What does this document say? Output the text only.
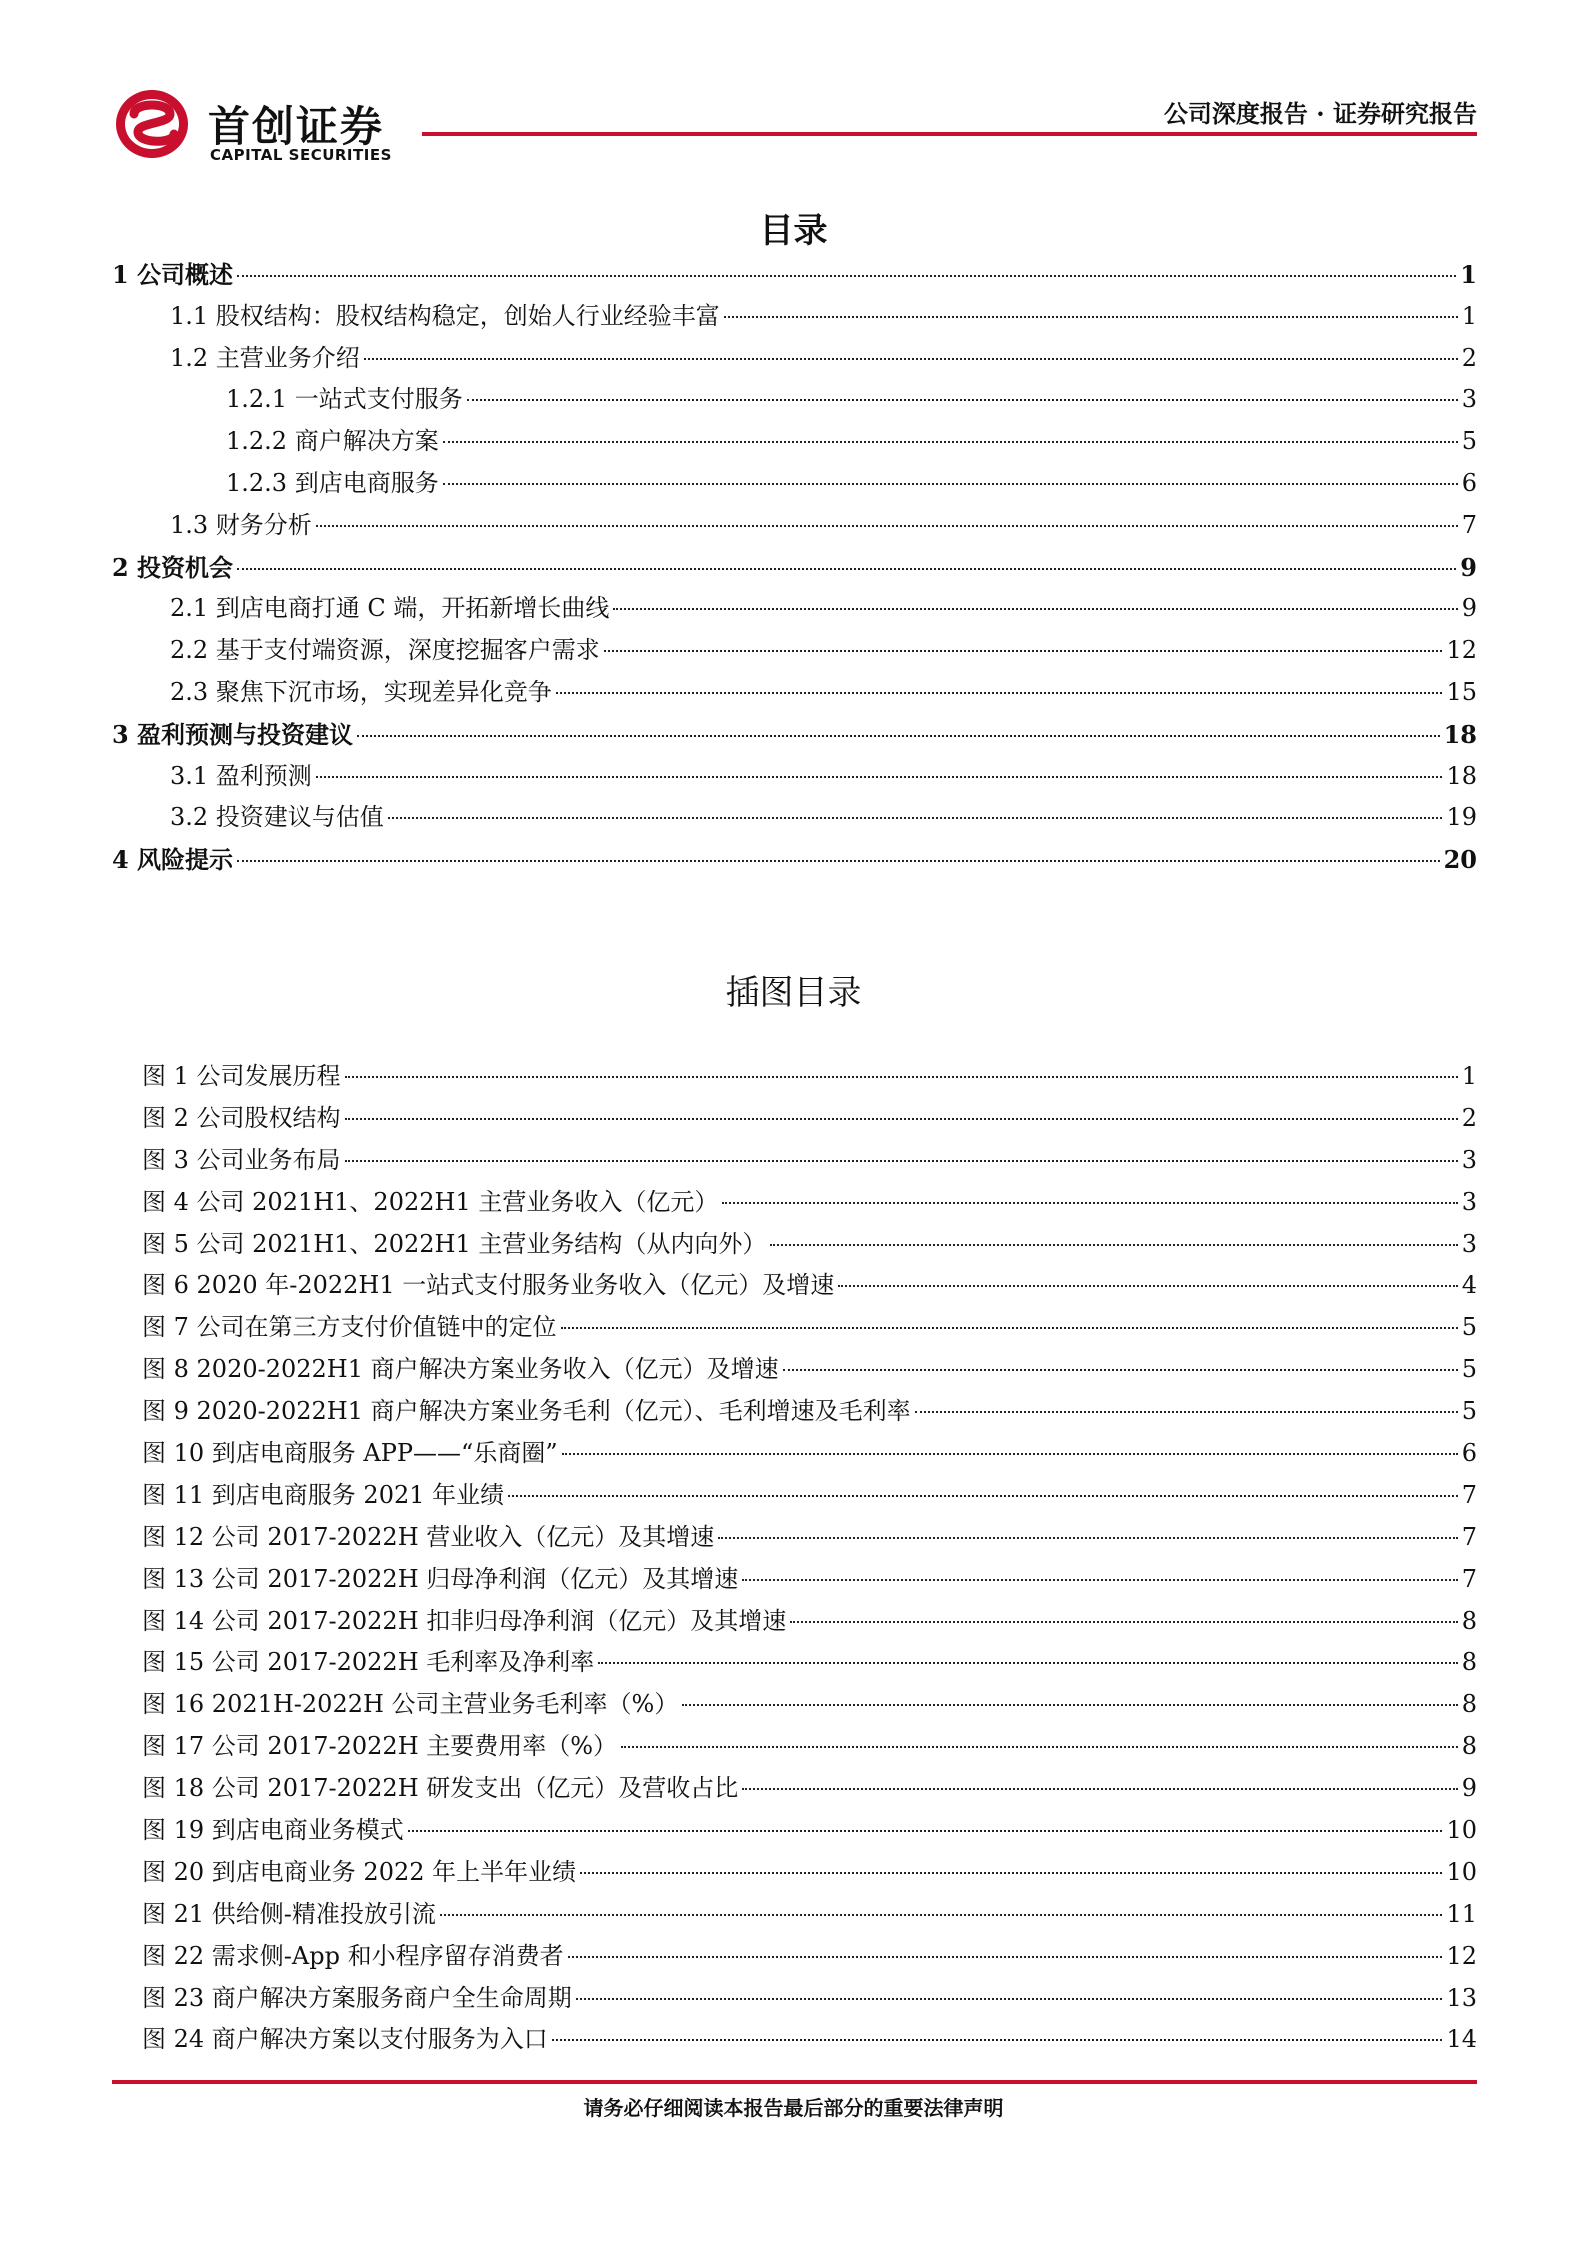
首创证券
CAPITAL SECURITIES
公司深度报告 · 证券研究报告
目录
1 公司概述	1
1.1 股权结构：股权结构稳定，创始人行业经验丰富	1
1.2 主营业务介绍	2
1.2.1 一站式支付服务	3
1.2.2 商户解决方案	5
1.2.3 到店电商服务	6
1.3 财务分析	7
2 投资机会	9
2.1 到店电商打通 C 端，开拓新增长曲线	9
2.2 基于支付端资源，深度挖掘客户需求	12
2.3 聚焦下沉市场，实现差异化竞争	15
3 盈利预测与投资建议	18
3.1 盈利预测	18
3.2 投资建议与估值	19
4 风险提示	20
插图目录
图 1 公司发展历程	1
图 2 公司股权结构	2
图 3 公司业务布局	3
图 4 公司 2021H1、2022H1 主营业务收入（亿元）	3
图 5 公司 2021H1、2022H1 主营业务结构（从内向外）	3
图 6 2020 年-2022H1 一站式支付服务业务收入（亿元）及增速	4
图 7 公司在第三方支付价值链中的定位	5
图 8 2020-2022H1 商户解决方案业务收入（亿元）及增速	5
图 9 2020-2022H1 商户解决方案业务毛利（亿元）、毛利增速及毛利率	5
图 10 到店电商服务 APP——“乐商圈”	6
图 11 到店电商服务 2021 年业绩	7
图 12 公司 2017-2022H 营业收入（亿元）及其增速	7
图 13 公司 2017-2022H 归母净利润（亿元）及其增速	7
图 14 公司 2017-2022H 扣非归母净利润（亿元）及其增速	8
图 15 公司 2017-2022H 毛利率及净利率	8
图 16 2021H-2022H 公司主营业务毛利率（%）	8
图 17 公司 2017-2022H 主要费用率（%）	8
图 18 公司 2017-2022H 研发支出（亿元）及营收占比	9
图 19 到店电商业务模式	10
图 20 到店电商业务 2022 年上半年业绩	10
图 21 供给侧-精准投放引流	11
图 22 需求侧-App 和小程序留存消费者	12
图 23 商户解决方案服务商户全生命周期	13
图 24 商户解决方案以支付服务为入口	14
请务必仔细阅读本报告最后部分的重要法律声明
